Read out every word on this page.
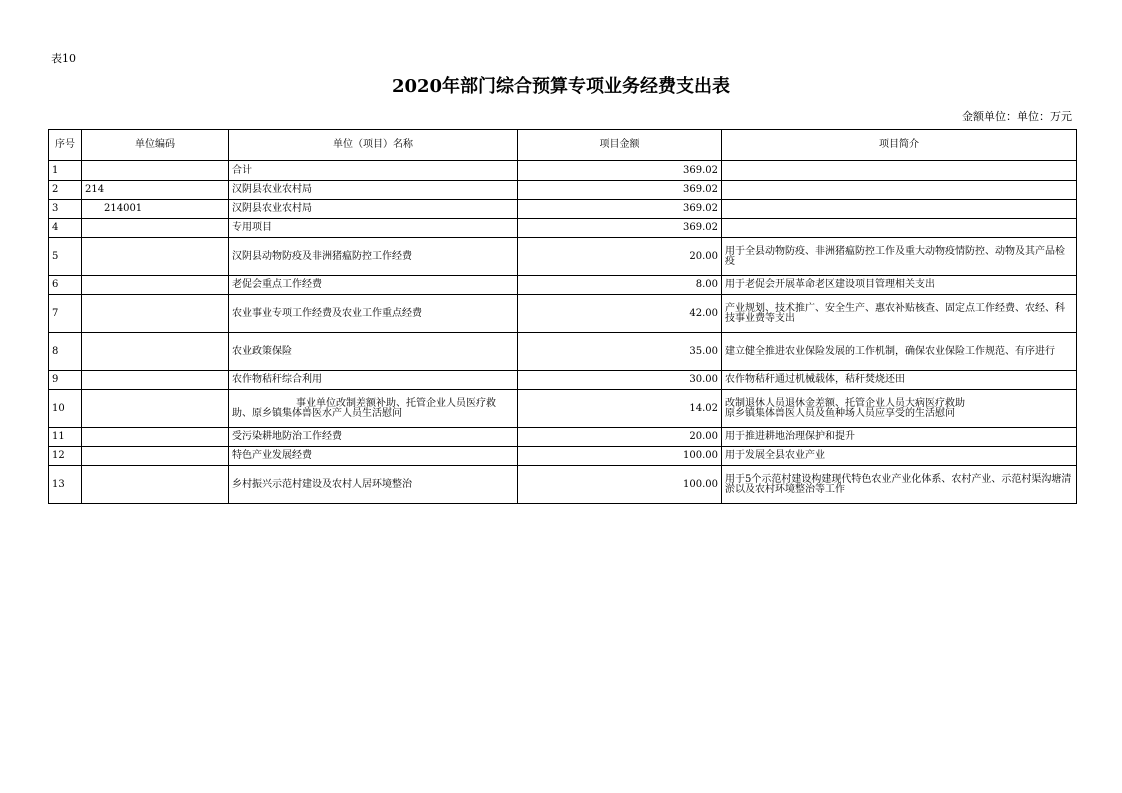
表10
2020年部门综合预算专项业务经费支出表
金额单位：单位：万元
序号	单位编码	单位（项目）名称	项目金额	项目简介
1		合计	369.02	
2	214	汉阴县农业农村局	369.02	
3	214001	汉阴县农业农村局	369.02	
4		专用项目	369.02	
5		汉阴县动物防疫及非洲猪瘟防控工作经费	20.00	用于全县动物防疫、非洲猪瘟防控工作及重大动物疫情防控、动物及其产品检疫
6		老促会重点工作经费	8.00	用于老促会开展革命老区建设项目管理相关支出
7		农业事业专项工作经费及农业工作重点经费	42.00	产业规划、技术推广、安全生产、惠农补贴核查、固定点工作经费、农经、科技事业费等支出
8		农业政策保险	35.00	建立健全推进农业保险发展的工作机制，确保农业保险工作规范、有序进行
9		农作物秸秆综合利用	30.00	农作物秸秆通过机械载体，秸秆焚烧还田
10		事业单位改制差额补助、托管企业人员医疗救助、原乡镇集体兽医水产人员生活慰问	14.02	改制退休人员退休金差额、托管企业人员大病医疗救助
原乡镇集体兽医人员及鱼种场人员应享受的生活慰问
11		受污染耕地防治工作经费	20.00	用于推进耕地治理保护和提升
12		特色产业发展经费	100.00	用于发展全县农业产业
13		乡村振兴示范村建设及农村人居环境整治	100.00	用于5个示范村建设构建现代特色农业产业化体系、农村产业、示范村渠沟塘清淤以及农村环境整治等工作
